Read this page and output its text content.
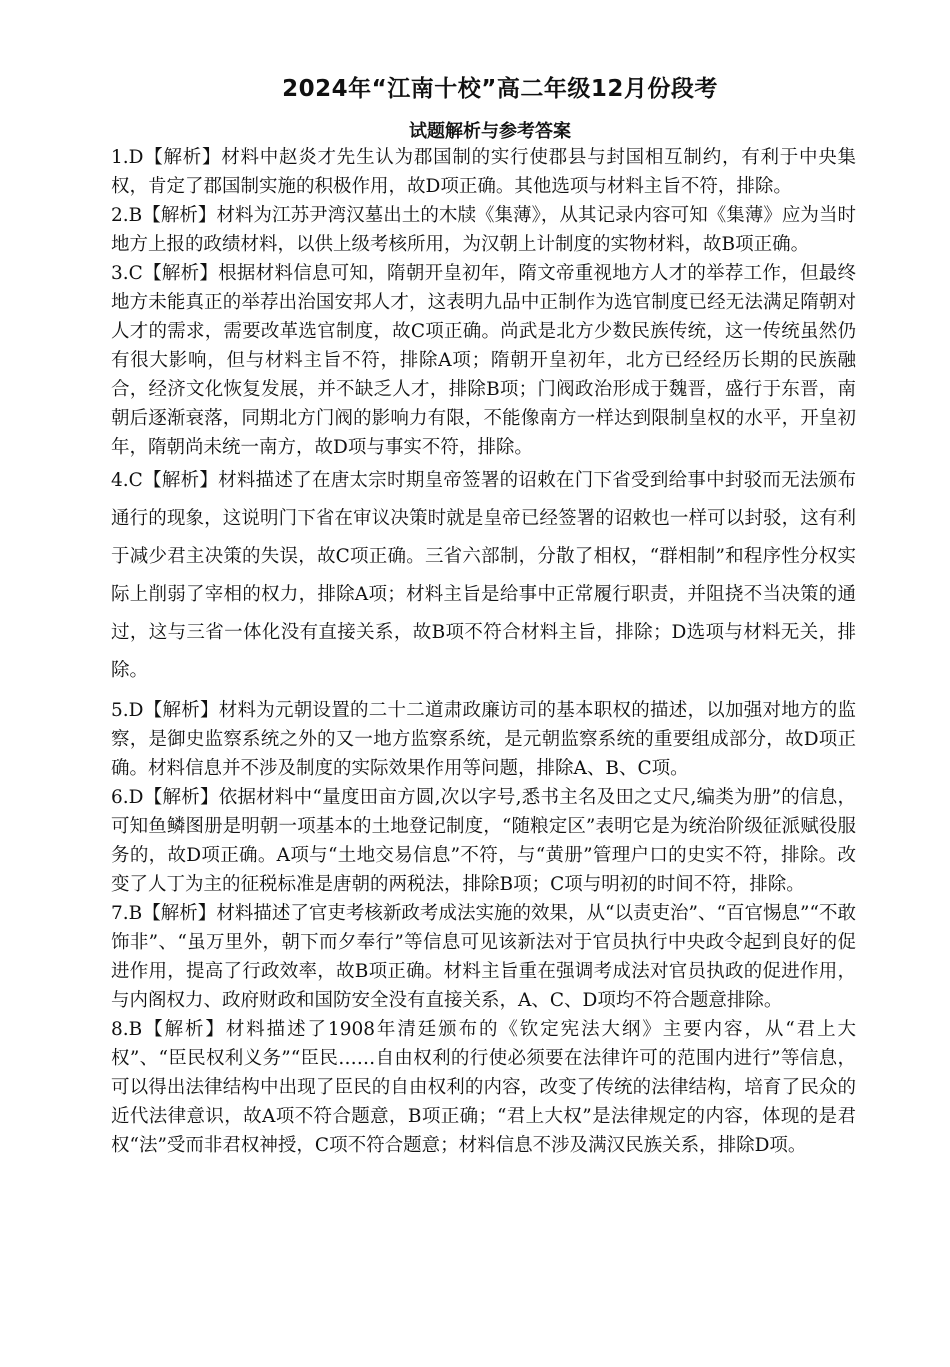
2024年“江南十校”高二年级12月份段考
试题解析与参考答案

1.D【解析】材料中赵炎才先生认为郡国制的实行使郡县与封国相互制约，有利于中央集权，肯定了郡国制实施的积极作用，故D项正确。其他选项与材料主旨不符，排除。

2.B【解析】材料为江苏尹湾汉墓出土的木牍《集薄》，从其记录内容可知《集薄》应为当时地方上报的政绩材料，以供上级考核所用，为汉朝上计制度的实物材料，故B项正确。

3.C【解析】根据材料信息可知，隋朝开皇初年，隋文帝重视地方人才的举荐工作，但最终地方未能真正的举荐出治国安邦人才，这表明九品中正制作为选官制度已经无法满足隋朝对人才的需求，需要改革选官制度，故C项正确。尚武是北方少数民族传统，这一传统虽然仍有很大影响，但与材料主旨不符，排除A项；隋朝开皇初年，北方已经经历长期的民族融合，经济文化恢复发展，并不缺乏人才，排除B项；门阀政治形成于魏晋，盛行于东晋，南朝后逐渐衰落，同期北方门阀的影响力有限，不能像南方一样达到限制皇权的水平，开皇初年，隋朝尚未统一南方，故D项与事实不符，排除。

4.C【解析】材料描述了在唐太宗时期皇帝签署的诏敕在门下省受到给事中封驳而无法颁布通行的现象，这说明门下省在审议决策时就是皇帝已经签署的诏敕也一样可以封驳，这有利于减少君主决策的失误，故C项正确。三省六部制，分散了相权，“群相制”和程序性分权实际上削弱了宰相的权力，排除A项；材料主旨是给事中正常履行职责，并阻挠不当决策的通过，这与三省一体化没有直接关系，故B项不符合材料主旨，排除；D选项与材料无关，排除。

5.D【解析】材料为元朝设置的二十二道肃政廉访司的基本职权的描述，以加强对地方的监察，是御史监察系统之外的又一地方监察系统，是元朝监察系统的重要组成部分，故D项正确。材料信息并不涉及制度的实际效果作用等问题，排除A、B、C项。

6.D【解析】依据材料中“量度田亩方圆,次以字号,悉书主名及田之丈尺,编类为册”的信息，可知鱼鳞图册是明朝一项基本的土地登记制度，“随粮定区”表明它是为统治阶级征派赋役服务的，故D项正确。A项与“土地交易信息”不符，与“黄册”管理户口的史实不符，排除。改变了人丁为主的征税标准是唐朝的两税法，排除B项；C项与明初的时间不符，排除。

7.B【解析】材料描述了官吏考核新政考成法实施的效果，从“以责吏治”、“百官惕息”“不敢饰非”、“虽万里外，朝下而夕奉行”等信息可见该新法对于官员执行中央政令起到良好的促进作用，提高了行政效率，故B项正确。材料主旨重在强调考成法对官员执政的促进作用，与内阁权力、政府财政和国防安全没有直接关系，A、C、D项均不符合题意排除。

8.B【解析】材料描述了1908年清廷颁布的《钦定宪法大纲》主要内容，从“君上大权”、“臣民权利义务”“臣民……自由权利的行使必须要在法律许可的范围内进行”等信息，可以得出法律结构中出现了臣民的自由权利的内容，改变了传统的法律结构，培育了民众的近代法律意识，故A项不符合题意，B项正确；“君上大权”是法律规定的内容，体现的是君权“法”受而非君权神授，C项不符合题意；材料信息不涉及满汉民族关系，排除D项。
